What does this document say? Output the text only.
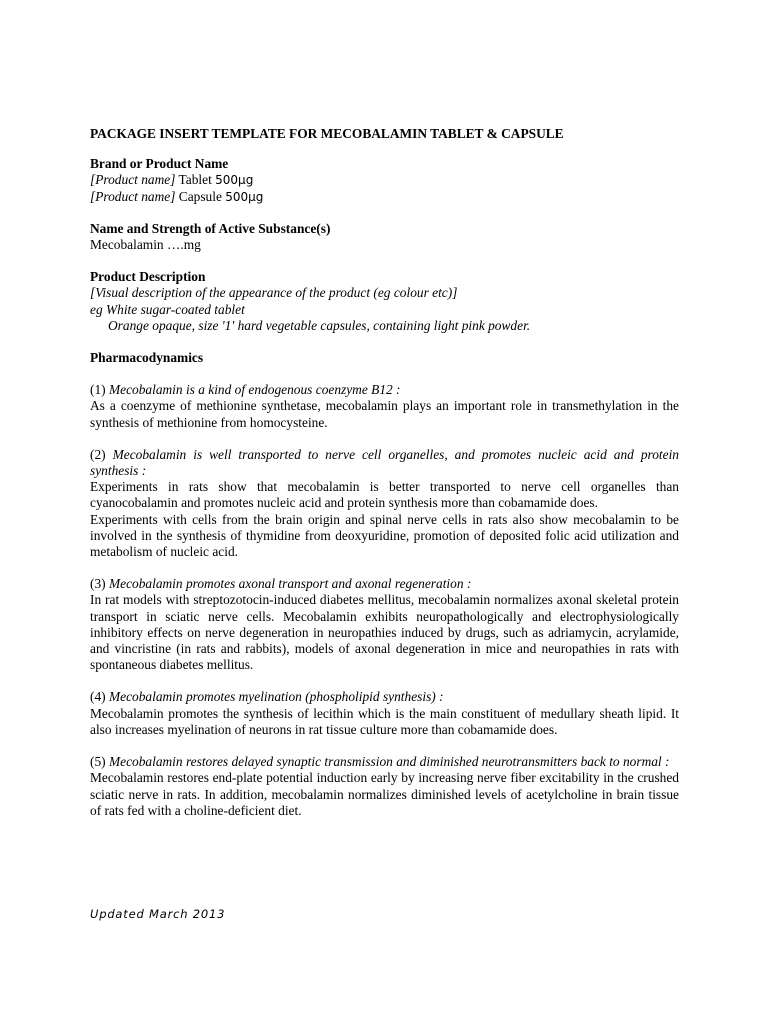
PACKAGE INSERT TEMPLATE FOR MECOBALAMIN TABLET & CAPSULE

Brand or Product Name

[Product name] Tablet 500μg

[Product name] Capsule 500μg

Name and Strength of Active Substance(s)

Mecobalamin ….mg

Product Description

[Visual description of the appearance of the product (eg colour etc)]

eg White sugar-coated tablet

Orange opaque, size '1' hard vegetable capsules, containing light pink powder.

Pharmacodynamics

(1) Mecobalamin is a kind of endogenous coenzyme B12 :

As a coenzyme of methionine synthetase, mecobalamin plays an important role in transmethylation in the synthesis of methionine from homocysteine.

(2) Mecobalamin is well transported to nerve cell organelles, and promotes nucleic acid and protein synthesis :

Experiments in rats show that mecobalamin is better transported to nerve cell organelles than cyanocobalamin and promotes nucleic acid and protein synthesis more than cobamamide does.

Experiments with cells from the brain origin and spinal nerve cells in rats also show mecobalamin to be involved in the synthesis of thymidine from deoxyuridine, promotion of deposited folic acid utilization and metabolism of nucleic acid.

(3) Mecobalamin promotes axonal transport and axonal regeneration :

In rat models with streptozotocin-induced diabetes mellitus, mecobalamin normalizes axonal skeletal protein transport in sciatic nerve cells. Mecobalamin exhibits neuropathologically and electrophysiologically inhibitory effects on nerve degeneration in neuropathies induced by drugs, such as adriamycin, acrylamide, and vincristine (in rats and rabbits), models of axonal degeneration in mice and neuropathies in rats with spontaneous diabetes mellitus.

(4) Mecobalamin promotes myelination (phospholipid synthesis) :

Mecobalamin promotes the synthesis of lecithin which is the main constituent of medullary sheath lipid. It also increases myelination of neurons in rat tissue culture more than cobamamide does.

(5) Mecobalamin restores delayed synaptic transmission and diminished neurotransmitters back to normal :

Mecobalamin restores end-plate potential induction early by increasing nerve fiber excitability in the crushed sciatic nerve in rats. In addition, mecobalamin normalizes diminished levels of acetylcholine in brain tissue of rats fed with a choline-deficient diet.

Updated March 2013
